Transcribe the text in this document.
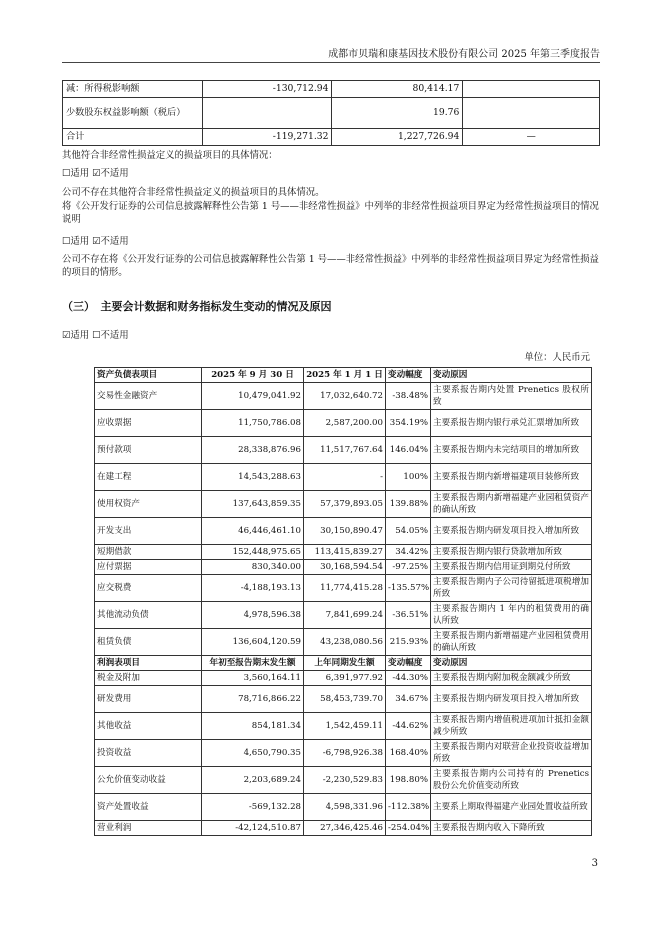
成都市贝瑞和康基因技术股份有限公司 2025 年第三季度报告
减：所得税影响额	-130,712.94	80,414.17	
少数股东权益影响额（税后）		19.76	
合计	-119,271.32	1,227,726.94	—
其他符合非经常性损益定义的损益项目的具体情况：
☐适用 ☑不适用
公司不存在其他符合非经常性损益定义的损益项目的具体情况。
将《公开发行证券的公司信息披露解释性公告第 1 号——非经常性损益》中列举的非经常性损益项目界定为经常性损益项目的情况说明
☐适用 ☑不适用
公司不存在将《公开发行证券的公司信息披露解释性公告第 1 号——非经常性损益》中列举的非经常性损益项目界定为经常性损益的项目的情形。
（三）　主要会计数据和财务指标发生变动的情况及原因
☑适用 ☐不适用
单位：人民币元
资产负债表项目	2025 年 9 月 30 日	2025 年 1 月 1 日	变动幅度	变动原因
交易性金融资产	10,479,041.92	17,032,640.72	-38.48%	主要系报告期内处置 Prenetics 股权所致
应收票据	11,750,786.08	2,587,200.00	354.19%	主要系报告期内银行承兑汇票增加所致
预付款项	28,338,876.96	11,517,767.64	146.04%	主要系报告期内未完结项目的增加所致
在建工程	14,543,288.63	-	100%	主要系报告期内新增福建项目装修所致
使用权资产	137,643,859.35	57,379,893.05	139.88%	主要系报告期内新增福建产业园租赁资产的确认所致
开发支出	46,446,461.10	30,150,890.47	54.05%	主要系报告期内研发项目投入增加所致
短期借款	152,448,975.65	113,415,839.27	34.42%	主要系报告期内银行贷款增加所致
应付票据	830,340.00	30,168,594.54	-97.25%	主要系报告期内信用证到期兑付所致
应交税费	-4,188,193.13	11,774,415.28	-135.57%	主要系报告期内子公司待留抵进项税增加所致
其他流动负债	4,978,596.38	7,841,699.24	-36.51%	主要系报告期内 1 年内的租赁费用的确认所致
租赁负债	136,604,120.59	43,238,080.56	215.93%	主要系报告期内新增福建产业园租赁费用的确认所致
利润表项目	年初至报告期末发生额	上年同期发生额	变动幅度	变动原因
税金及附加	3,560,164.11	6,391,977.92	-44.30%	主要系报告期内附加税金额减少所致
研发费用	78,716,866.22	58,453,739.70	34.67%	主要系报告期内研发项目投入增加所致
其他收益	854,181.34	1,542,459.11	-44.62%	主要系报告期内增值税进项加计抵扣金额减少所致
投资收益	4,650,790.35	-6,798,926.38	168.40%	主要系报告期内对联营企业投资收益增加所致
公允价值变动收益	2,203,689.24	-2,230,529.83	198.80%	主要系报告期内公司持有的 Prenetics 股份公允价值变动所致
资产处置收益	-569,132.28	4,598,331.96	-112.38%	主要系上期取得福建产业园处置收益所致
营业利润	-42,124,510.87	27,346,425.46	-254.04%	主要系报告期内收入下降所致
3
